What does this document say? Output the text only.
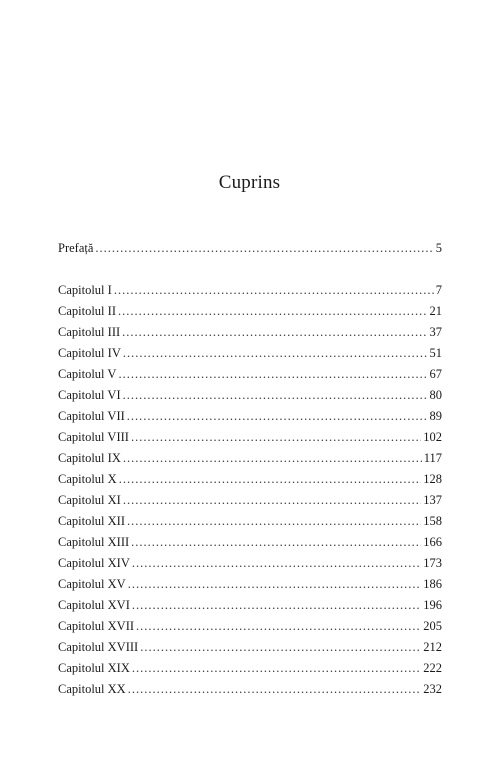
Cuprins
Prefață .....	5
Capitolul I .....	7
Capitolul II .....	21
Capitolul III .....	37
Capitolul IV .....	51
Capitolul V .....	67
Capitolul VI .....	80
Capitolul VII .....	89
Capitolul VIII .....	102
Capitolul IX .....	117
Capitolul X .....	128
Capitolul XI .....	137
Capitolul XII .....	158
Capitolul XIII .....	166
Capitolul XIV .....	173
Capitolul XV .....	186
Capitolul XVI .....	196
Capitolul XVII .....	205
Capitolul XVIII .....	212
Capitolul XIX .....	222
Capitolul XX .....	232
